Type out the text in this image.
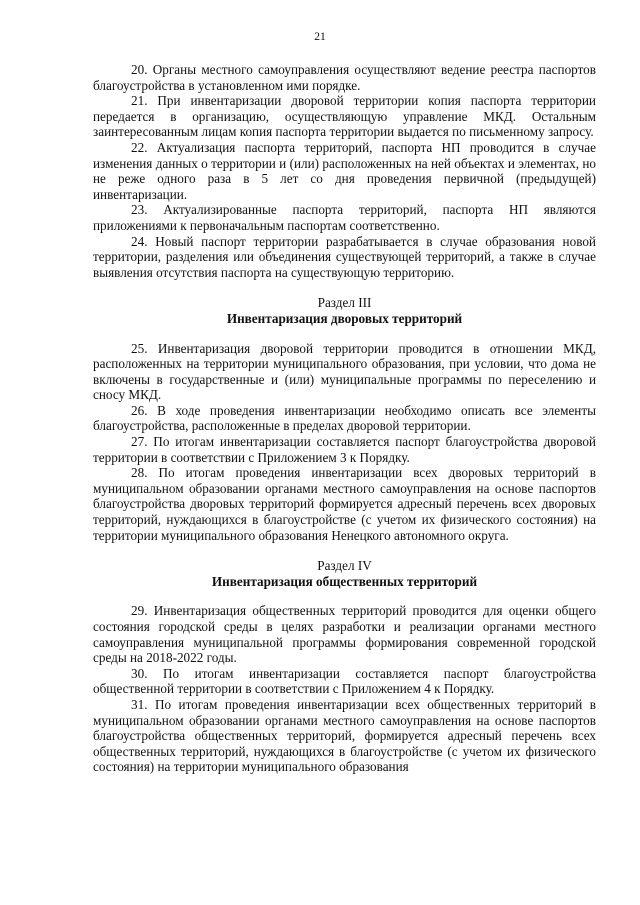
21

20. Органы местного самоуправления осуществляют ведение реестра паспортов благоустройства в установленном ими порядке.

21. При инвентаризации дворовой территории копия паспорта территории передается в организацию, осуществляющую управление МКД. Остальным заинтересованным лицам копия паспорта территории выдается по письменному запросу.

22. Актуализация паспорта территорий, паспорта НП проводится в случае изменения данных о территории и (или) расположенных на ней объектах и элементах, но не реже одного раза в 5 лет со дня проведения первичной (предыдущей) инвентаризации.

23. Актуализированные паспорта территорий, паспорта НП являются приложениями к первоначальным паспортам соответственно.

24. Новый паспорт территории разрабатывается в случае образования новой территории, разделения или объединения существующей территорий, а также в случае выявления отсутствия паспорта на существующую территорию.

Раздел III

Инвентаризация дворовых территорий

25. Инвентаризация дворовой территории проводится в отношении МКД, расположенных на территории муниципального образования, при условии, что дома не включены в государственные и (или) муниципальные программы по переселению и сносу МКД.

26. В ходе проведения инвентаризации необходимо описать все элементы благоустройства, расположенные в пределах дворовой территории.

27. По итогам инвентаризации составляется паспорт благоустройства дворовой территории в соответствии с Приложением 3 к Порядку.

28. По итогам проведения инвентаризации всех дворовых территорий в муниципальном образовании органами местного самоуправления на основе паспортов благоустройства дворовых территорий формируется адресный перечень всех дворовых территорий, нуждающихся в благоустройстве (с учетом их физического состояния) на территории муниципального образования Ненецкого автономного округа.

Раздел IV

Инвентаризация общественных территорий

29. Инвентаризация общественных территорий проводится для оценки общего состояния городской среды в целях разработки и реализации органами местного самоуправления муниципальной программы формирования современной городской среды на 2018-2022 годы.

30. По итогам инвентаризации составляется паспорт благоустройства общественной территории в соответствии с Приложением 4 к Порядку.

31. По итогам проведения инвентаризации всех общественных территорий в муниципальном образовании органами местного самоуправления на основе паспортов благоустройства общественных территорий, формируется адресный перечень всех общественных территорий, нуждающихся в благоустройстве (с учетом их физического состояния) на территории муниципального образования
